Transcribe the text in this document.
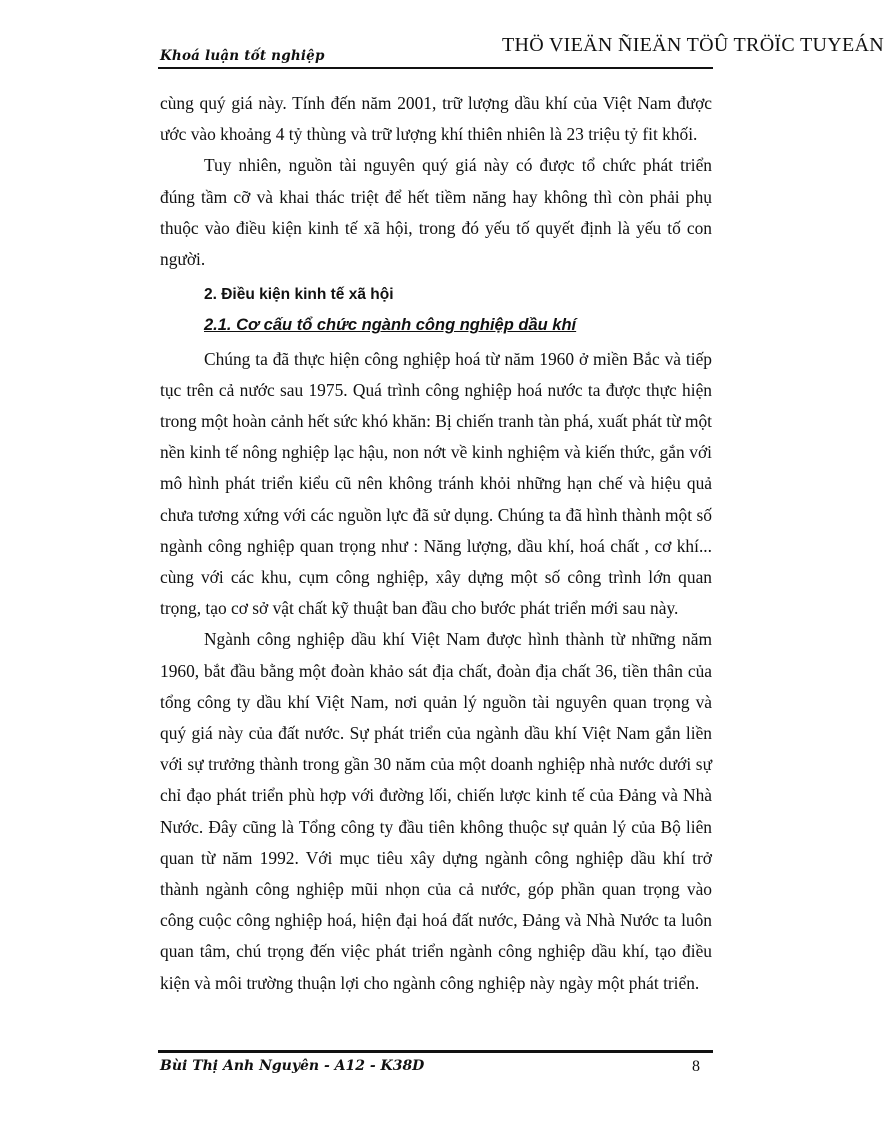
Khoá luận tốt nghiệp	THÖ VIEÄN ÑIEÄN TÖÛ TRÖÏC TUYEÁN

cùng quý giá này. Tính đến năm 2001, trữ lượng dầu khí của Việt Nam được ước vào khoảng 4 tỷ thùng và trữ lượng khí thiên nhiên là 23 triệu tỷ fit khối.

Tuy nhiên, nguồn tài nguyên quý giá này có được tổ chức phát triển đúng tầm cỡ và khai thác triệt để hết tiềm năng hay không thì còn phải phụ thuộc vào điều kiện kinh tế xã hội, trong đó yếu tố quyết định là yếu tố con người.

2. Điều kiện kinh tế xã hội

2.1. Cơ cấu tổ chức ngành công nghiệp dầu khí

Chúng ta đã thực hiện công nghiệp hoá từ năm 1960 ở miền Bắc và tiếp tục trên cả nước sau 1975. Quá trình công nghiệp hoá nước ta được thực hiện trong một hoàn cảnh hết sức khó khăn: Bị chiến tranh tàn phá, xuất phát từ một nền kinh tế nông nghiệp lạc hậu, non nớt về kinh nghiệm và kiến thức, gắn với mô hình phát triển kiểu cũ nên không tránh khỏi những hạn chế và hiệu quả chưa tương xứng với các nguồn lực đã sử dụng. Chúng ta đã hình thành một số ngành công nghiệp quan trọng như : Năng lượng, dầu khí, hoá chất , cơ khí... cùng với các khu, cụm công nghiệp, xây dựng một số công trình lớn quan trọng, tạo cơ sở vật chất kỹ thuật ban đầu cho bước phát triển mới sau này.

Ngành công nghiệp dầu khí Việt Nam được hình thành từ những năm 1960, bắt đầu bằng một đoàn khảo sát địa chất, đoàn địa chất 36, tiền thân của tổng công ty dầu khí Việt Nam, nơi quản lý nguồn tài nguyên quan trọng và quý giá này của đất nước. Sự phát triển của ngành dầu khí Việt Nam gắn liền với sự trưởng thành trong gần 30 năm của một doanh nghiệp nhà nước dưới sự chỉ đạo phát triển phù hợp với đường lối, chiến lược kinh tế của Đảng và Nhà Nước. Đây cũng là Tổng công ty đầu tiên không thuộc sự quản lý của Bộ liên quan từ năm 1992. Với mục tiêu xây dựng ngành công nghiệp dầu khí trở thành ngành công nghiệp mũi nhọn của cả nước, góp phần quan trọng vào công cuộc công nghiệp hoá, hiện đại hoá đất nước, Đảng và Nhà Nước ta luôn quan tâm, chú trọng đến việc phát triển ngành công nghiệp dầu khí, tạo điều kiện và môi trường thuận lợi cho ngành công nghiệp này ngày một phát triển.

Bùi Thị Anh Nguyên - A12 - K38D	8
